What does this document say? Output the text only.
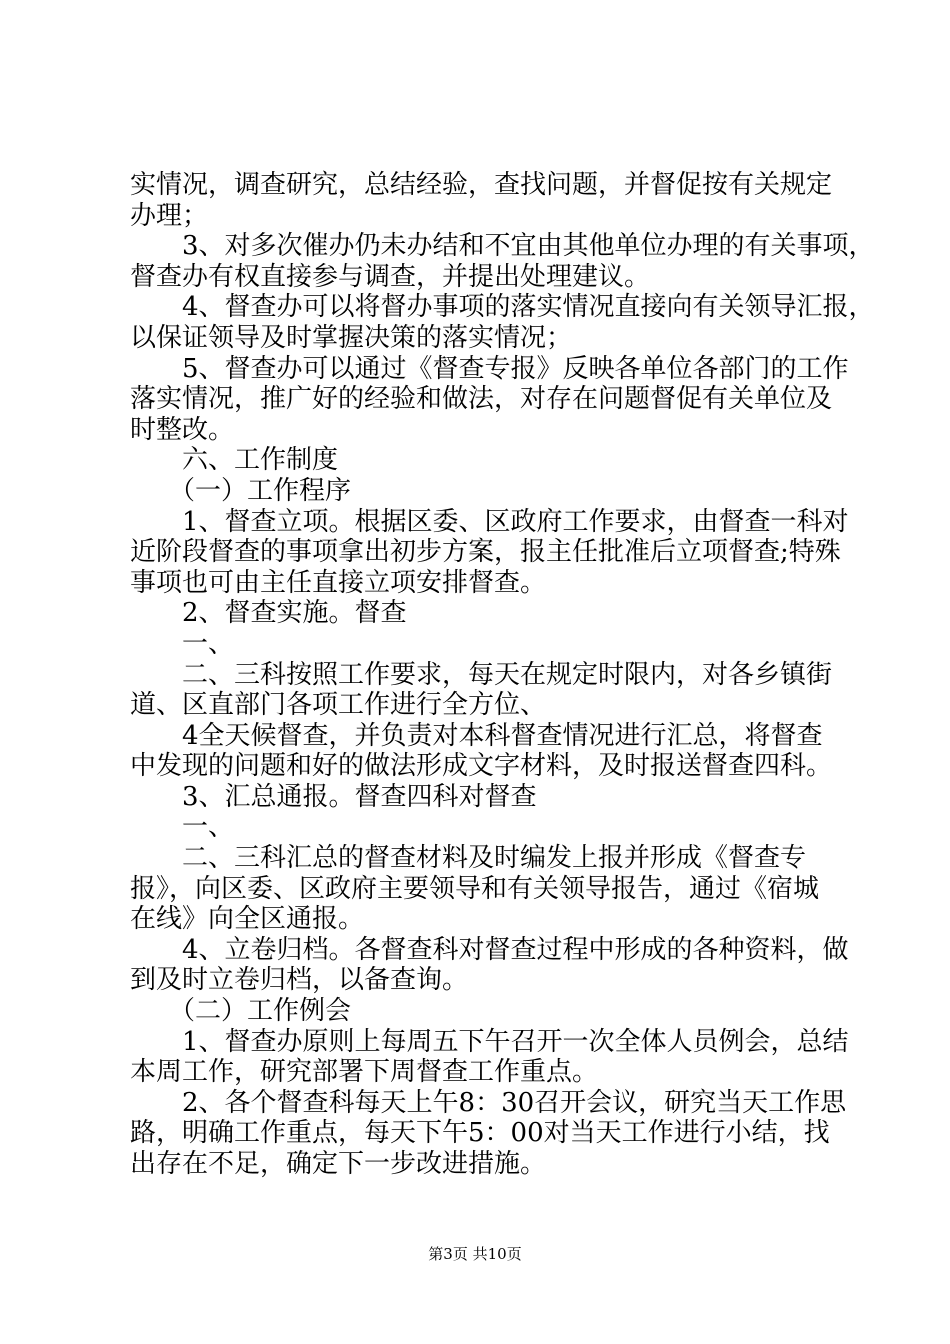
实情况，调查研究，总结经验，查找问题，并督促按有关规定
办理；
　　3、对多次催办仍未办结和不宜由其他单位办理的有关事项，
督查办有权直接参与调查，并提出处理建议。
　　4、督查办可以将督办事项的落实情况直接向有关领导汇报，
以保证领导及时掌握决策的落实情况；
　　5、督查办可以通过《督查专报》反映各单位各部门的工作
落实情况，推广好的经验和做法，对存在问题督促有关单位及
时整改。
　　六、工作制度
　　（一）工作程序
　　1、督查立项。根据区委、区政府工作要求，由督查一科对
近阶段督查的事项拿出初步方案，报主任批准后立项督查;特殊
事项也可由主任直接立项安排督查。
　　2、督查实施。督查
　　一、
　　二、三科按照工作要求，每天在规定时限内，对各乡镇街
道、区直部门各项工作进行全方位、
　　4全天候督查，并负责对本科督查情况进行汇总，将督查
中发现的问题和好的做法形成文字材料，及时报送督查四科。
　　3、汇总通报。督查四科对督查
　　一、
　　二、三科汇总的督查材料及时编发上报并形成《督查专
报》，向区委、区政府主要领导和有关领导报告，通过《宿城
在线》向全区通报。
　　4、立卷归档。各督查科对督查过程中形成的各种资料，做
到及时立卷归档，以备查询。
　　（二）工作例会
　　1、督查办原则上每周五下午召开一次全体人员例会，总结
本周工作，研究部署下周督查工作重点。
　　2、各个督查科每天上午8：30召开会议，研究当天工作思
路，明确工作重点，每天下午5：00对当天工作进行小结，找
出存在不足，确定下一步改进措施。
第3页 共10页
